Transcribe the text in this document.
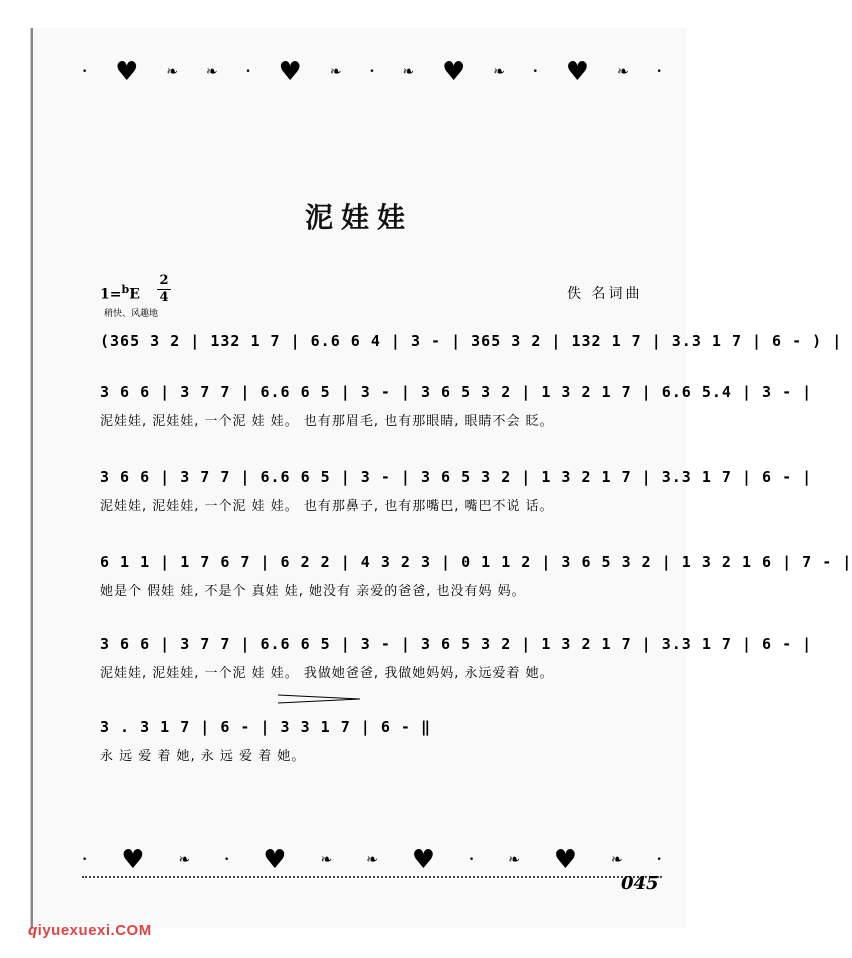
• ♥ ❧ ❧	• ♥ ❧	• ❧ ♥ ❧	• ♥ ❧	•
泥娃娃
1=$^b$E
2
4
稍快、风趣地
佚 名词曲
(365 3 2 | 132 1 7 | 6.6 6 4 | 3 - | 365 3 2 | 132 1 7 | 3.3 1 7 | 6 - ) |
3 6 6 | 3 7 7 | 6.6 6 5 | 3 - | 3 6 5 3 2 | 1 3 2 1 7 | 6.6 5.4 | 3 - |
泥娃娃, 泥娃娃, 一个泥 娃 娃。 也有那眉毛, 也有那眼睛, 眼睛不会 眨。
3 6 6 | 3 7 7 | 6.6 6 5 | 3 - | 3 6 5 3 2 | 1 3 2 1 7 | 3.3 1 7 | 6 - |
泥娃娃, 泥娃娃, 一个泥 娃 娃。 也有那鼻子, 也有那嘴巴, 嘴巴不说 话。
6 1 1 | 1 7 6 7 | 6 2 2 | 4 3 2 3 | 0 1 1 2 | 3 6 5 3 2 | 1 3 2 1 6 | 7 - |
她是个 假娃 娃, 不是个 真娃 娃, 她没有 亲爱的爸爸, 也没有妈 妈。
3 6 6 | 3 7 7 | 6.6 6 5 | 3 - | 3 6 5 3 2 | 1 3 2 1 7 | 3.3 1 7 | 6 - |
泥娃娃, 泥娃娃, 一个泥 娃 娃。 我做她爸爸, 我做她妈妈, 永远爱着 她。
3 . 3 1 7 | 6 - | 3 3 1 7 | 6 - ‖
永 远 爱 着 她, 永 远 爱 着 她。
• ♥ ❧	• ♥ ❧ ❧ ♥	• ❧ ♥ ❧	•
045
qiyuexuexi.COM
